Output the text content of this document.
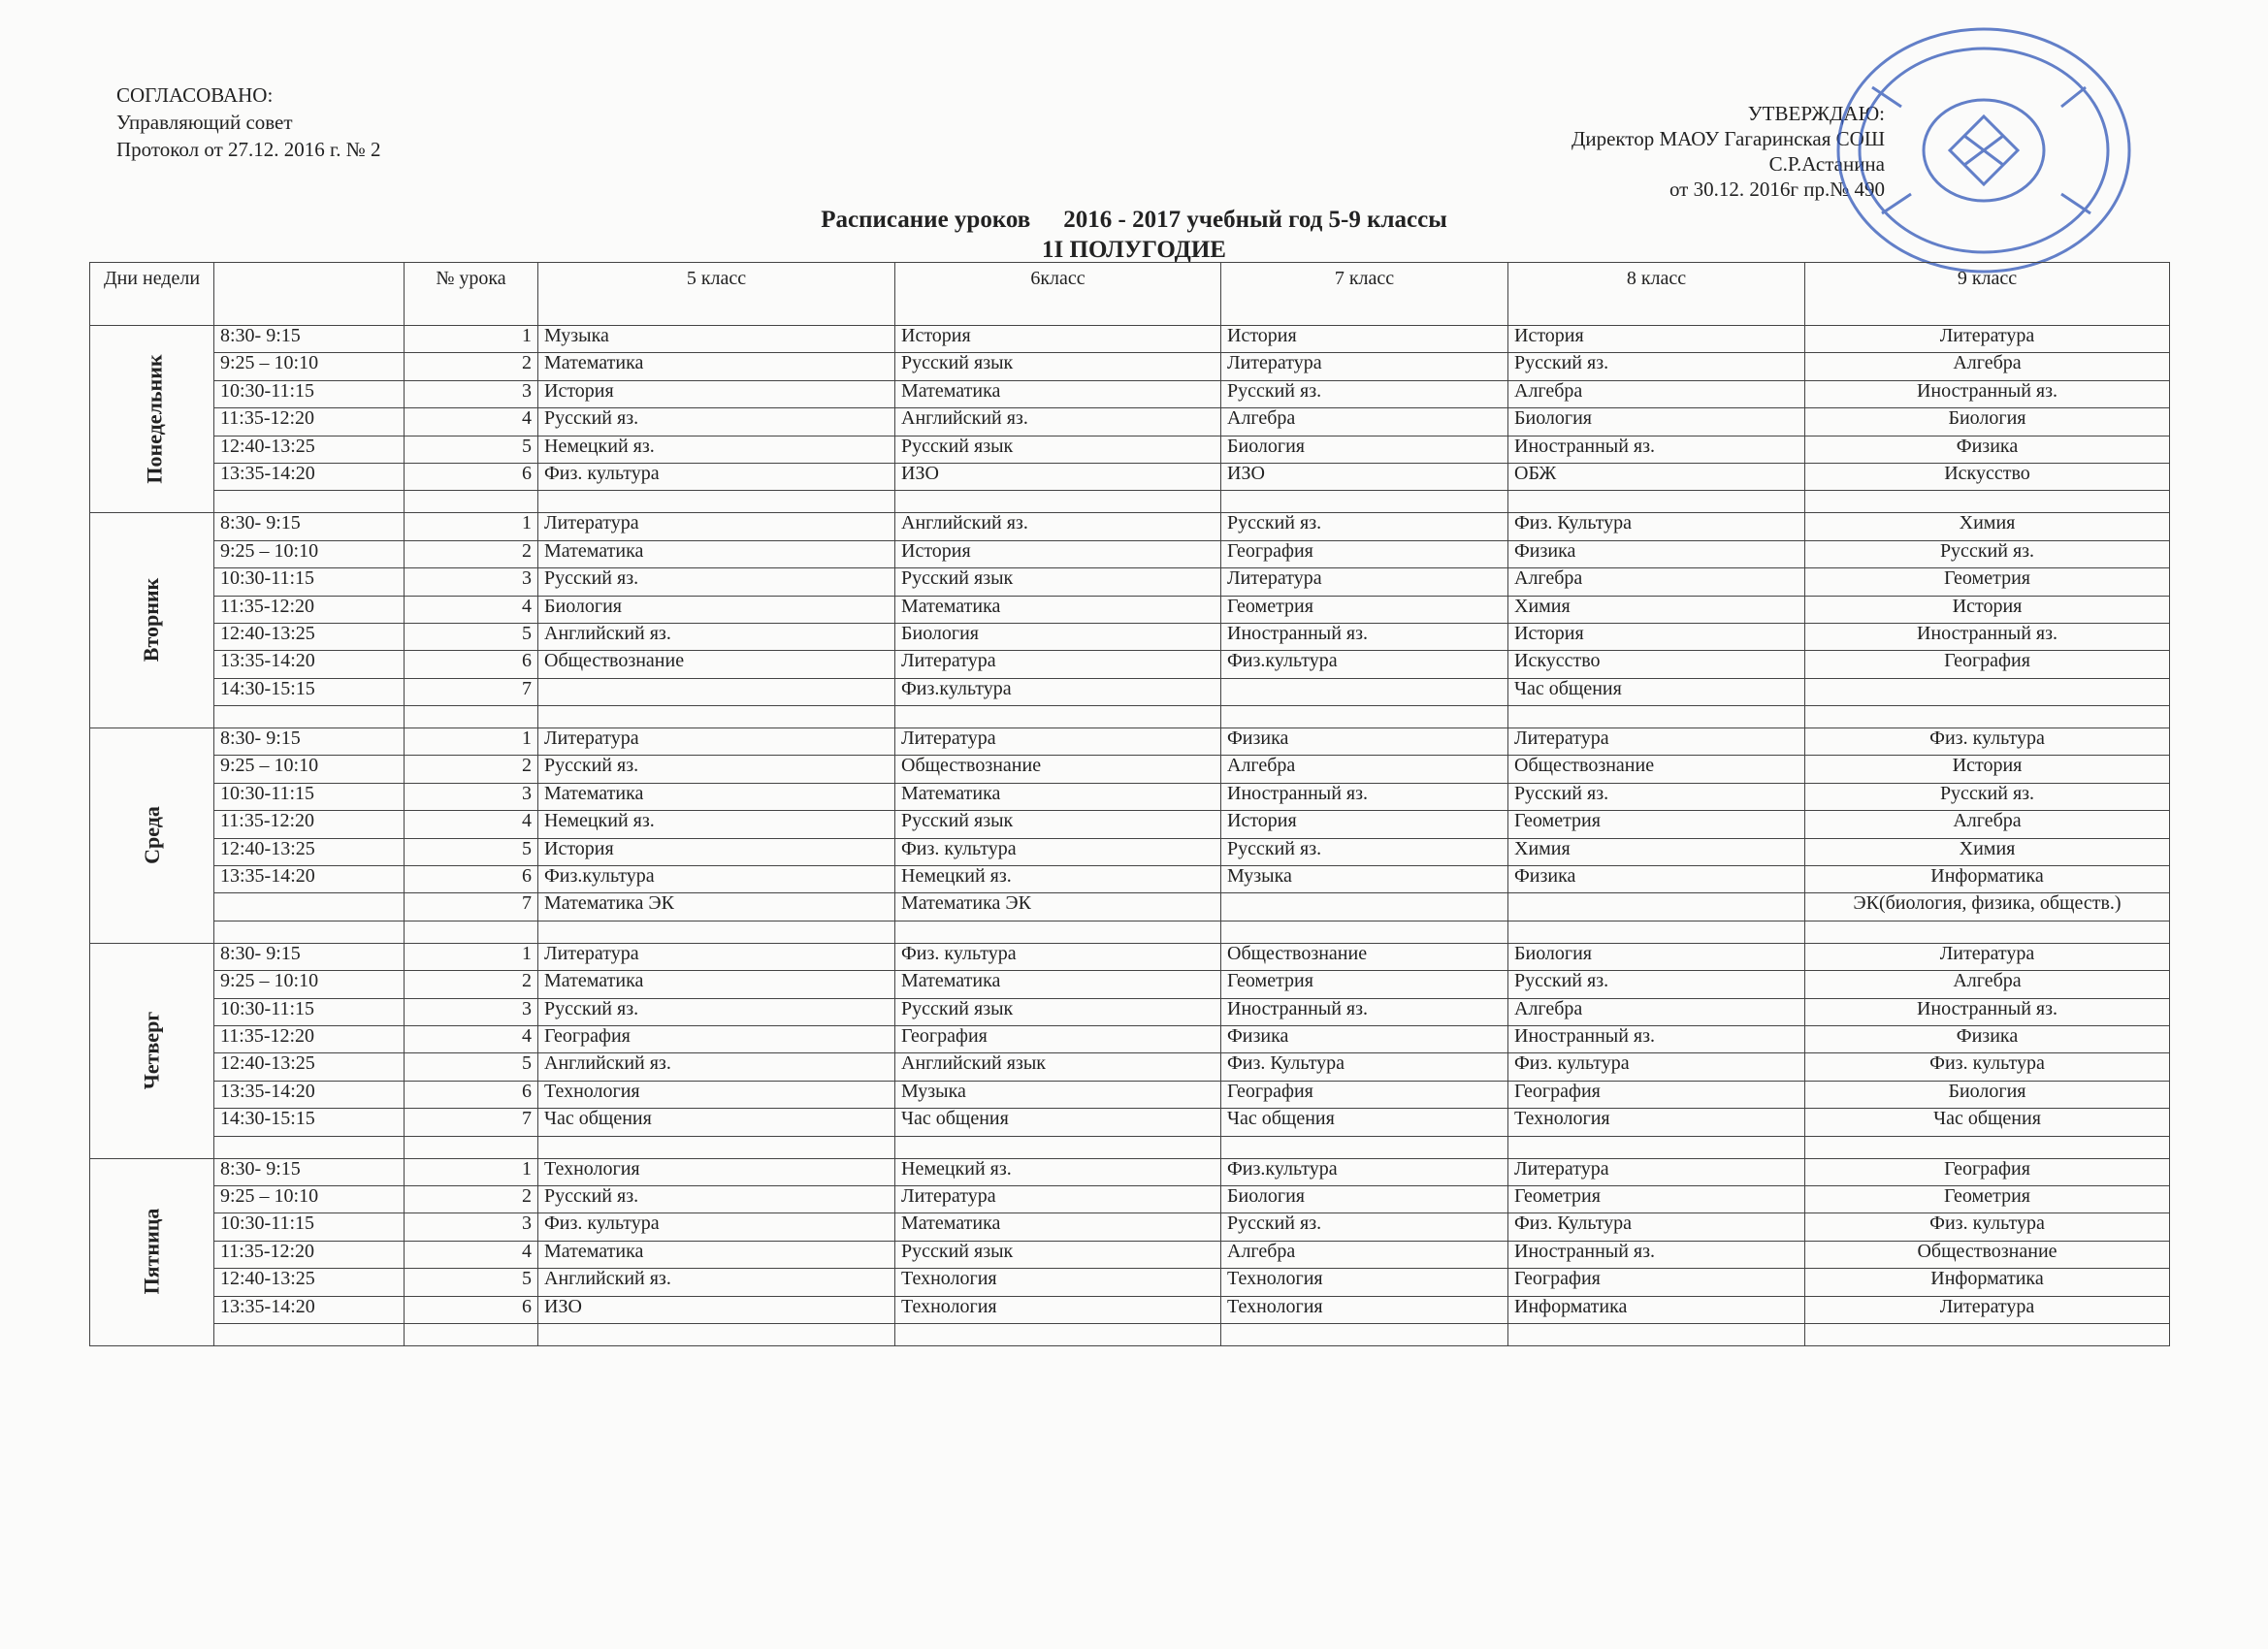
СОГЛАСОВАНО:
Управляющий совет
Протокол от 27.12. 2016 г. № 2
УТВЕРЖДАЮ:
Директор МАОУ Гагаринская СОШ
С.Р.Астанина
от 30.12. 2016г пр.№ 490
Расписание уроков 2016 - 2017 учебный год 5-9 классы
1I ПОЛУГОДИЕ
Дни недели		№ урока	5 класс	6класс	7 класс	8 класс	9 класс
Понедельник	8:30- 9:15	1	Музыка	История	История	История	Литература
	9:25 – 10:10	2	Математика	Русский язык	Литература	Русский яз.	Алгебра
	10:30-11:15	3	История	Математика	Русский яз.	Алгебра	Иностранный яз.
	11:35-12:20	4	Русский яз.	Английский яз.	Алгебра	Биология	Биология
	12:40-13:25	5	Немецкий яз.	Русский язык	Биология	Иностранный яз.	Физика
	13:35-14:20	6	Физ. культура	ИЗО	ИЗО	ОБЖ	Искусство

Вторник	8:30- 9:15	1	Литература	Английский яз.	Русский яз.	Физ. Культура	Химия
	9:25 – 10:10	2	Математика	История	География	Физика	Русский яз.
	10:30-11:15	3	Русский яз.	Русский язык	Литература	Алгебра	Геометрия
	11:35-12:20	4	Биология	Математика	Геометрия	Химия	История
	12:40-13:25	5	Английский яз.	Биология	Иностранный яз.	История	Иностранный яз.
	13:35-14:20	6	Обществознание	Литература	Физ.культура	Искусство	География
	14:30-15:15	7		Физ.культура		Час общения	

Среда	8:30- 9:15	1	Литература	Литература	Физика	Литература	Физ. культура
	9:25 – 10:10	2	Русский яз.	Обществознание	Алгебра	Обществознание	История
	10:30-11:15	3	Математика	Математика	Иностранный яз.	Русский яз.	Русский яз.
	11:35-12:20	4	Немецкий яз.	Русский язык	История	Геометрия	Алгебра
	12:40-13:25	5	История	Физ. культура	Русский яз.	Химия	Химия
	13:35-14:20	6	Физ.культура	Немецкий яз.	Музыка	Физика	Информатика
		7	Математика ЭК	Математика ЭК			ЭК(биология, физика, обществ.)

Четверг	8:30- 9:15	1	Литература	Физ. культура	Обществознание	Биология	Литература
	9:25 – 10:10	2	Математика	Математика	Геометрия	Русский яз.	Алгебра
	10:30-11:15	3	Русский яз.	Русский язык	Иностранный яз.	Алгебра	Иностранный яз.
	11:35-12:20	4	География	География	Физика	Иностранный яз.	Физика
	12:40-13:25	5	Английский яз.	Английский язык	Физ. Культура	Физ. культура	Физ. культура
	13:35-14:20	6	Технология	Музыка	География	География	Биология
	14:30-15:15	7	Час общения	Час общения	Час общения	Технология	Час общения

Пятница	8:30- 9:15	1	Технология	Немецкий яз.	Физ.культура	Литература	География
	9:25 – 10:10	2	Русский яз.	Литература	Биология	Геометрия	Геометрия
	10:30-11:15	3	Физ. культура	Математика	Русский яз.	Физ. Культура	Физ. культура
	11:35-12:20	4	Математика	Русский язык	Алгебра	Иностранный яз.	Обществознание
	12:40-13:25	5	Английский яз.	Технология	Технология	География	Информатика
	13:35-14:20	6	ИЗО	Технология	Технология	Информатика	Литература
